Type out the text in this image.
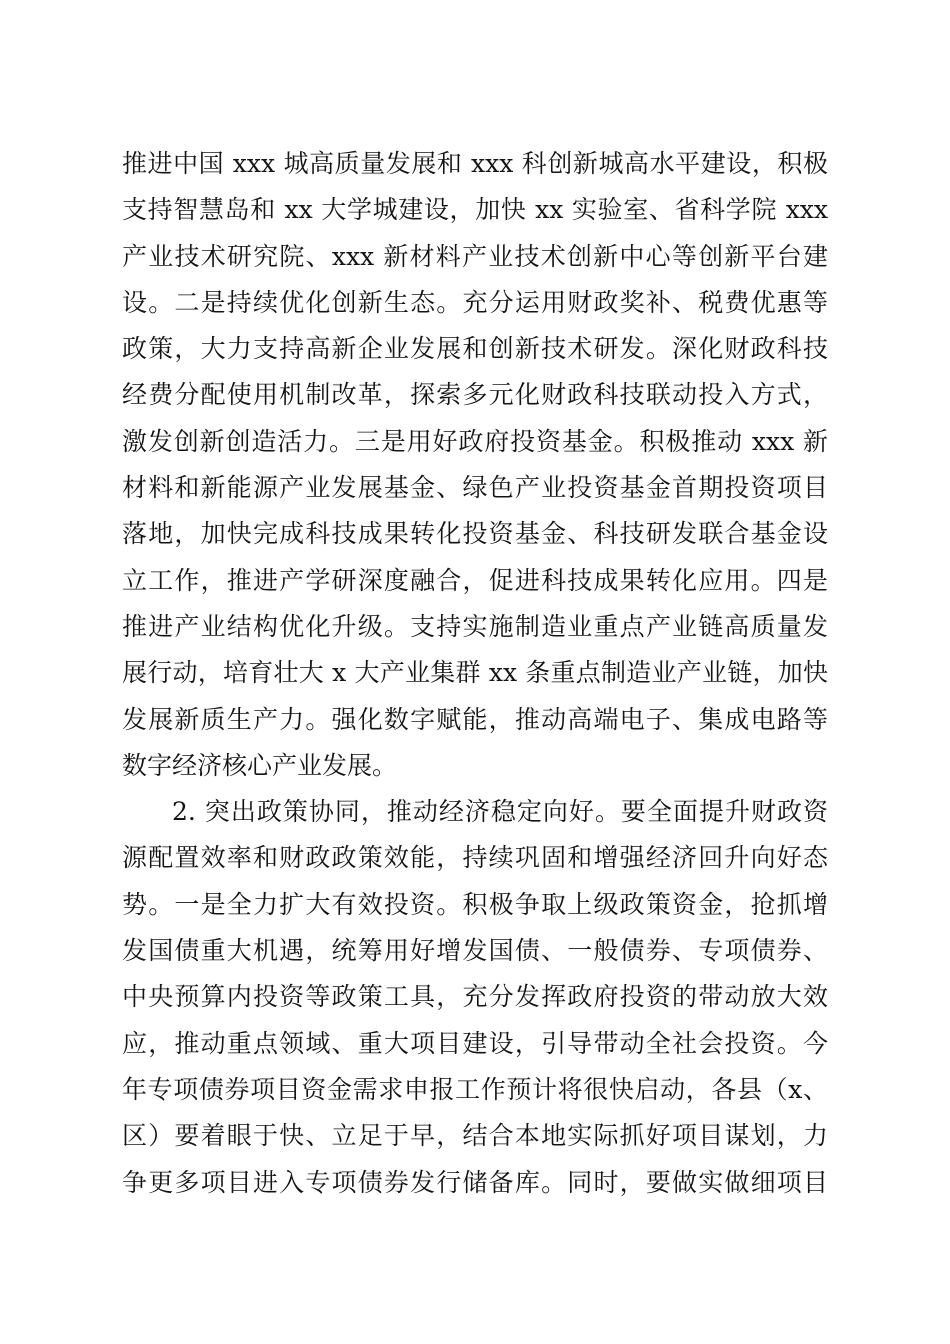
推进中国 xxx 城高质量发展和 xxx 科创新城高水平建设，积极
支持智慧岛和 xx 大学城建设，加快 xx 实验室、省科学院 xxx
产业技术研究院、xxx 新材料产业技术创新中心等创新平台建
设。二是持续优化创新生态。充分运用财政奖补、税费优惠等
政策，大力支持高新企业发展和创新技术研发。深化财政科技
经费分配使用机制改革，探索多元化财政科技联动投入方式，
激发创新创造活力。三是用好政府投资基金。积极推动 xxx 新
材料和新能源产业发展基金、绿色产业投资基金首期投资项目
落地，加快完成科技成果转化投资基金、科技研发联合基金设
立工作，推进产学研深度融合，促进科技成果转化应用。四是
推进产业结构优化升级。支持实施制造业重点产业链高质量发
展行动，培育壮大 x 大产业集群 xx 条重点制造业产业链，加快
发展新质生产力。强化数字赋能，推动高端电子、集成电路等
数字经济核心产业发展。
2. 突出政策协同，推动经济稳定向好。要全面提升财政资
源配置效率和财政政策效能，持续巩固和增强经济回升向好态
势。一是全力扩大有效投资。积极争取上级政策资金，抢抓增
发国债重大机遇，统筹用好增发国债、一般债券、专项债券、
中央预算内投资等政策工具，充分发挥政府投资的带动放大效
应，推动重点领域、重大项目建设，引导带动全社会投资。今
年专项债券项目资金需求申报工作预计将很快启动，各县（x、
区）要着眼于快、立足于早，结合本地实际抓好项目谋划，力
争更多项目进入专项债券发行储备库。同时，要做实做细项目
